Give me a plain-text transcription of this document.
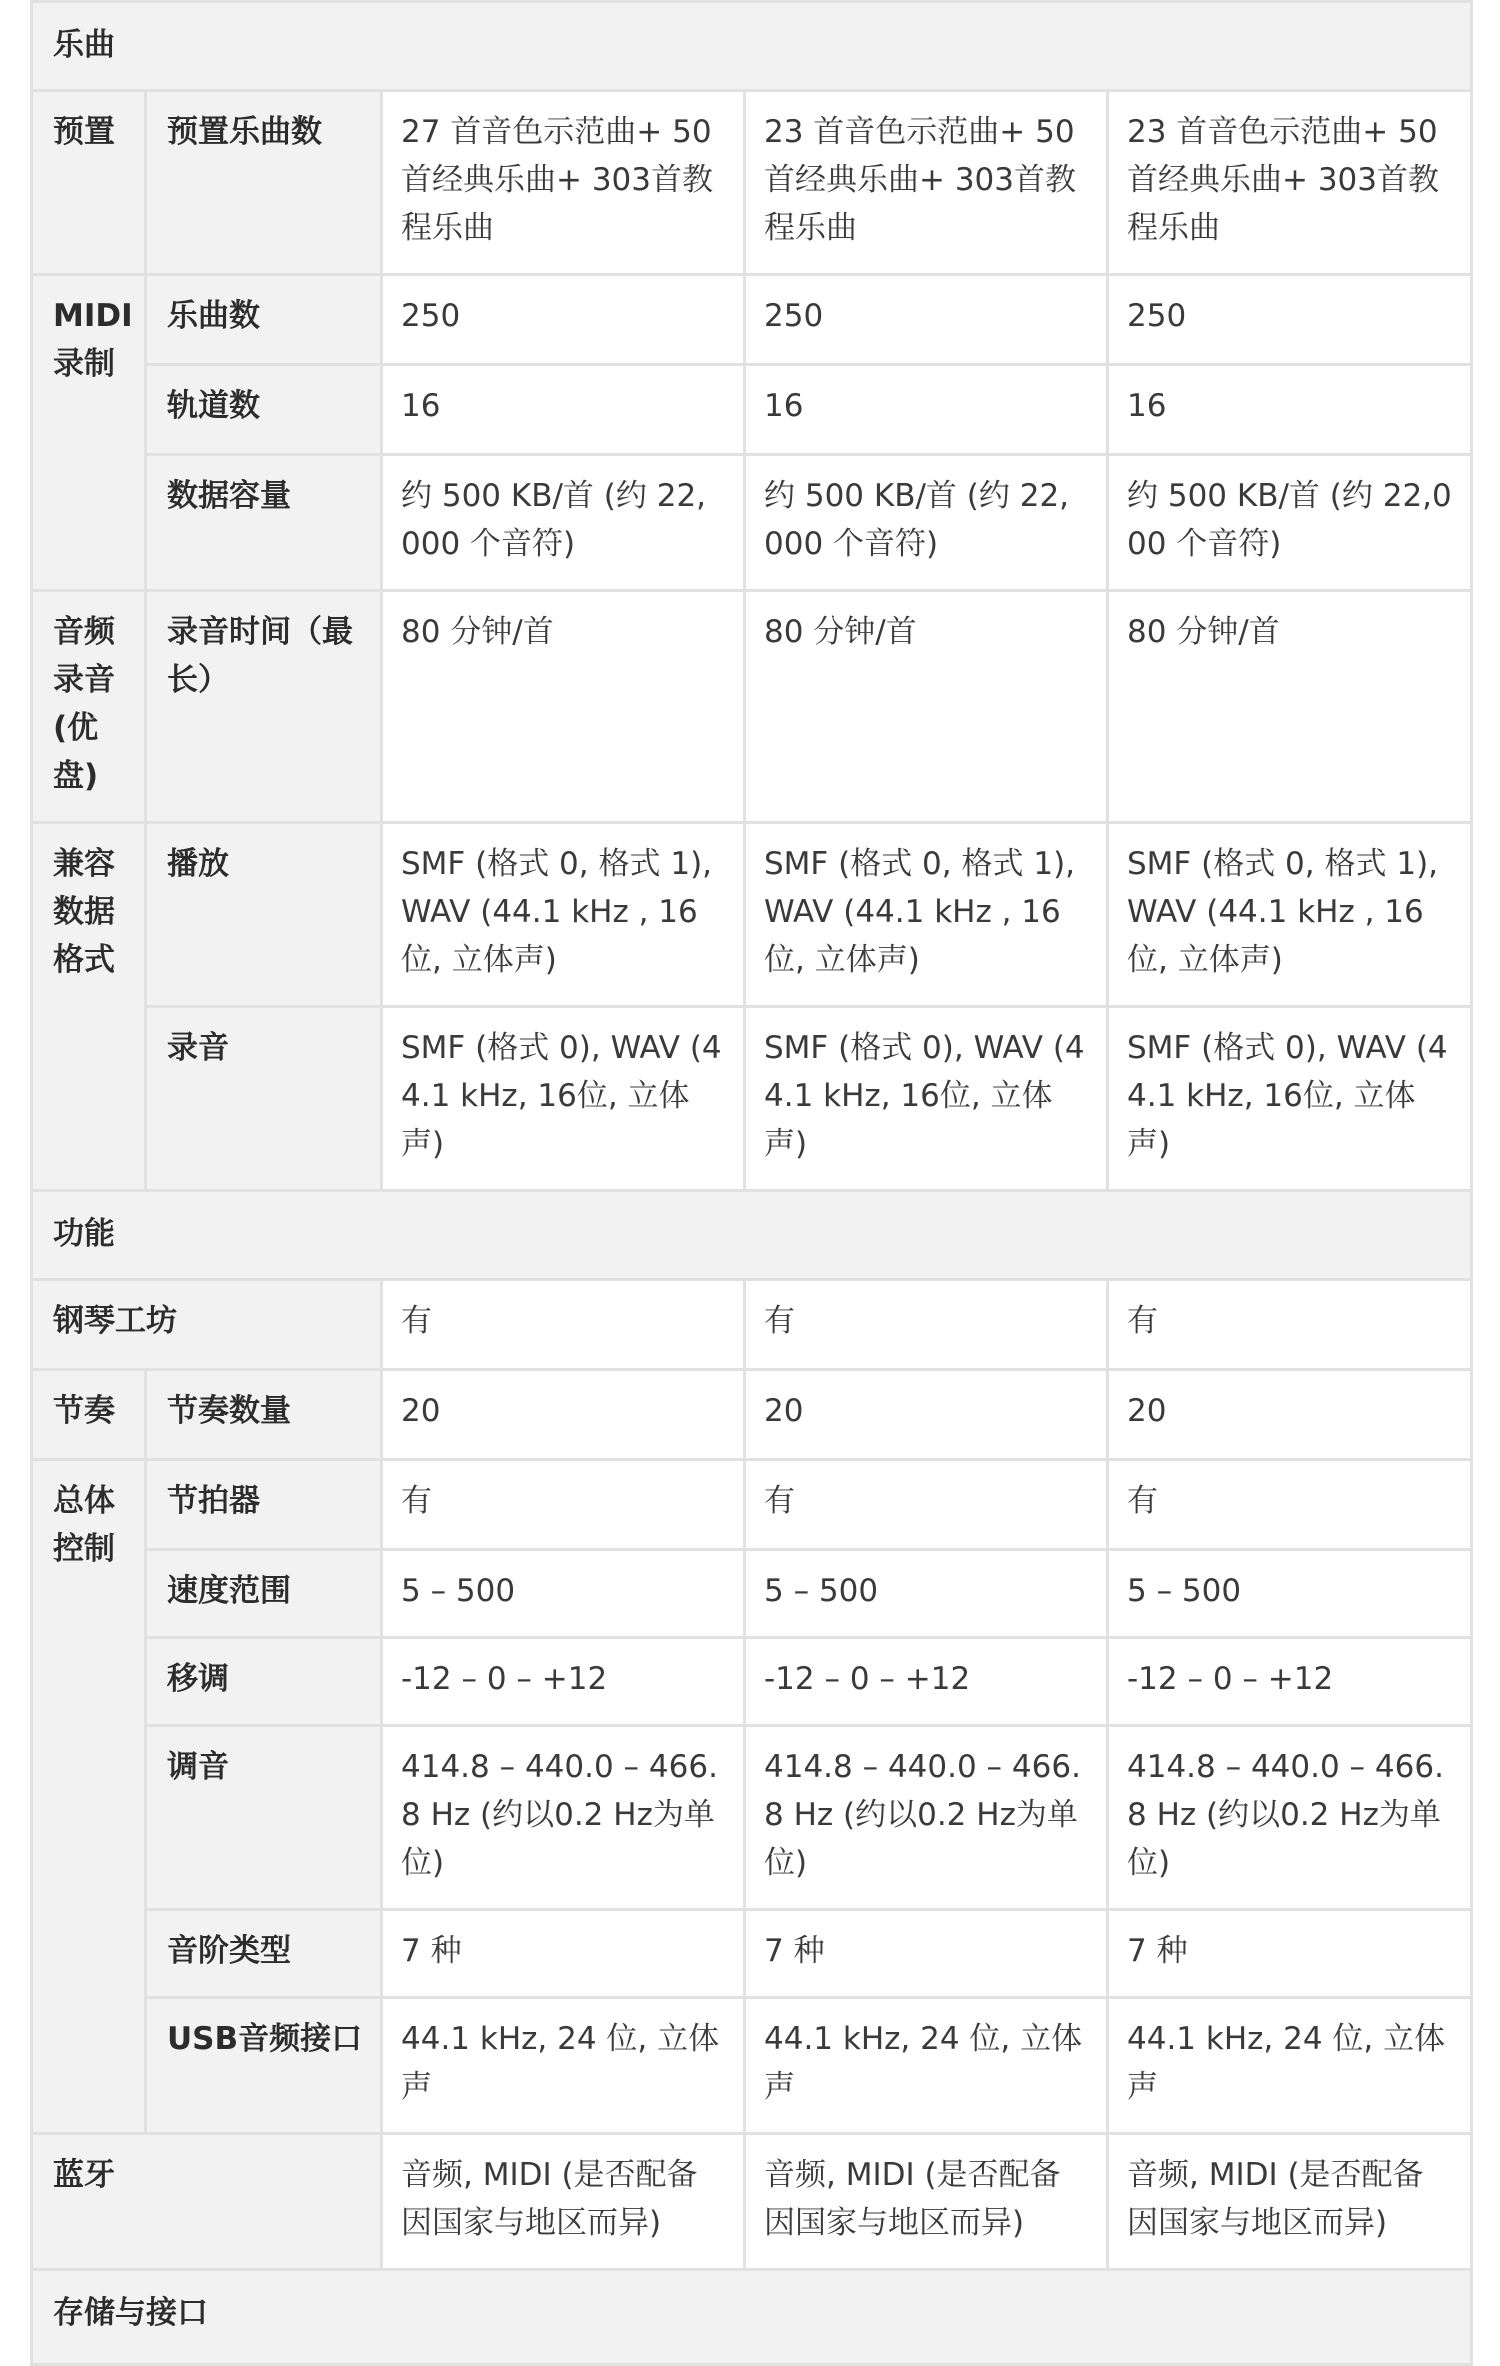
乐曲				
预置	预置乐曲数	27 首音色示范曲+ 50首经典乐曲+ 303首教程乐曲	23 首音色示范曲+ 50首经典乐曲+ 303首教程乐曲	23 首音色示范曲+ 50首经典乐曲+ 303首教程乐曲
MIDI 录制	乐曲数	250	250	250
	轨道数	16	16	16
	数据容量	约 500 KB/首 (约 22,000 个音符)	约 500 KB/首 (约 22,000 个音符)	约 500 KB/首 (约 22,000 个音符)
音频录音 (优盘)	录音时间（最长）	80 分钟/首	80 分钟/首	80 分钟/首
兼容数据格式	播放	SMF (格式 0, 格式 1), WAV (44.1 kHz , 16 位, 立体声)	SMF (格式 0, 格式 1), WAV (44.1 kHz , 16 位, 立体声)	SMF (格式 0, 格式 1), WAV (44.1 kHz , 16位, 立体声)
	录音	SMF (格式 0), WAV (44.1 kHz, 16位, 立体声)	SMF (格式 0), WAV (44.1 kHz, 16位, 立体声)	SMF (格式 0), WAV (44.1 kHz, 16位, 立体声)
功能				
钢琴工坊		有	有	有
节奏	节奏数量	20	20	20
总体控制	节拍器	有	有	有
	速度范围	5 – 500	5 – 500	5 – 500
	移调	-12 – 0 – +12	-12 – 0 – +12	-12 – 0 – +12
	调音	414.8 – 440.0 – 466.8 Hz (约以0.2 Hz为单位)	414.8 – 440.0 – 466.8 Hz (约以0.2 Hz为单位)	414.8 – 440.0 – 466.8 Hz (约以0.2 Hz为单位)
	音阶类型	7 种	7 种	7 种
	USB音频接口	44.1 kHz, 24 位, 立体声	44.1 kHz, 24 位, 立体声	44.1 kHz, 24 位, 立体声
蓝牙		音频, MIDI (是否配备因国家与地区而异)	音频, MIDI (是否配备因国家与地区而异)	音频, MIDI (是否配备因国家与地区而异)
存储与接口				
